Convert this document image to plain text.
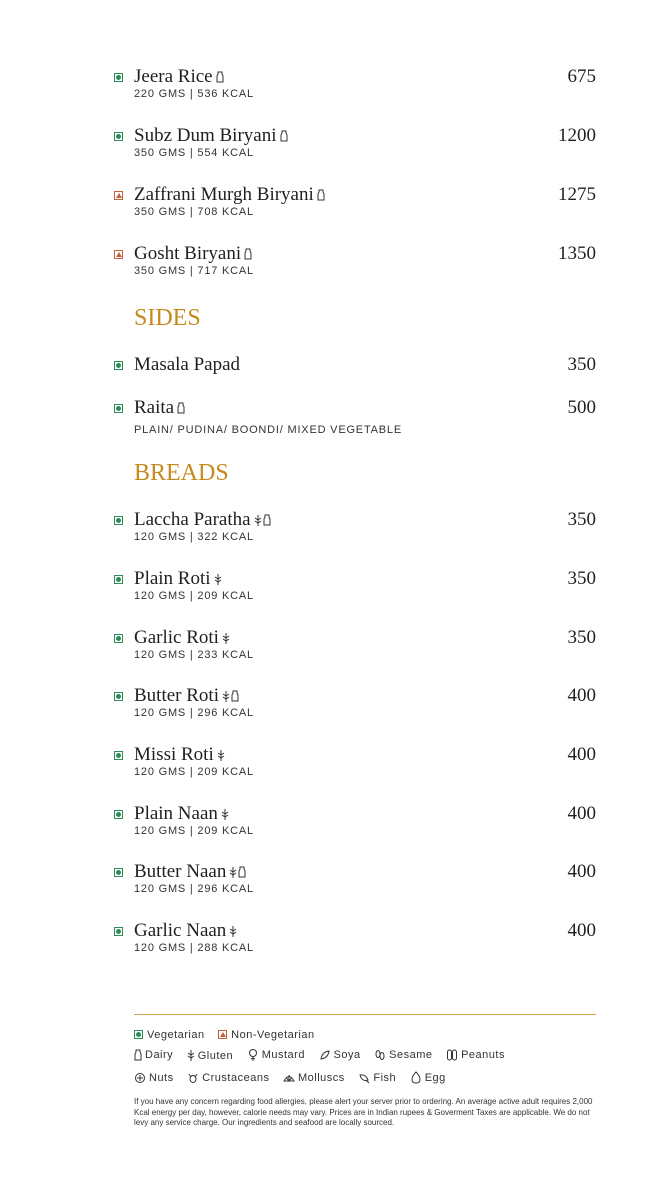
Jeera Rice	675
220 GMS | 536 KCAL
Subz Dum Biryani	1200
350 GMS | 554 KCAL
Zaffrani Murgh Biryani	1275
350 GMS | 708 KCAL
Gosht Biryani	1350
350 GMS | 717 KCAL
SIDES
Masala Papad	350
Raita	500
PLAIN/ PUDINA/ BOONDI/ MIXED VEGETABLE
BREADS
Laccha Paratha	350
120 GMS | 322 KCAL
Plain Roti	350
120 GMS | 209 KCAL
Garlic Roti	350
120 GMS | 233 KCAL
Butter Roti	400
120 GMS | 296 KCAL
Missi Roti	400
120 GMS | 209 KCAL
Plain Naan	400
120 GMS | 209 KCAL
Butter Naan	400
120 GMS | 296 KCAL
Garlic Naan	400
120 GMS | 288 KCAL
Vegetarian
Non-Vegetarian
Dairy
Gluten
	Mustard
	Soya
	Sesame
	Peanuts
Nuts
	Crustaceans
	Molluscs
	Fish
	Egg
If you have any concern regarding food allergies, please alert your server prior to ordering. An average active adult requires 2,000 Kcal energy per day, however, calorie needs may vary. Prices are in Indian rupees & Goverment Taxes are applicable. We do not levy any service charge. Our ingredients and seafood are locally sourced.
